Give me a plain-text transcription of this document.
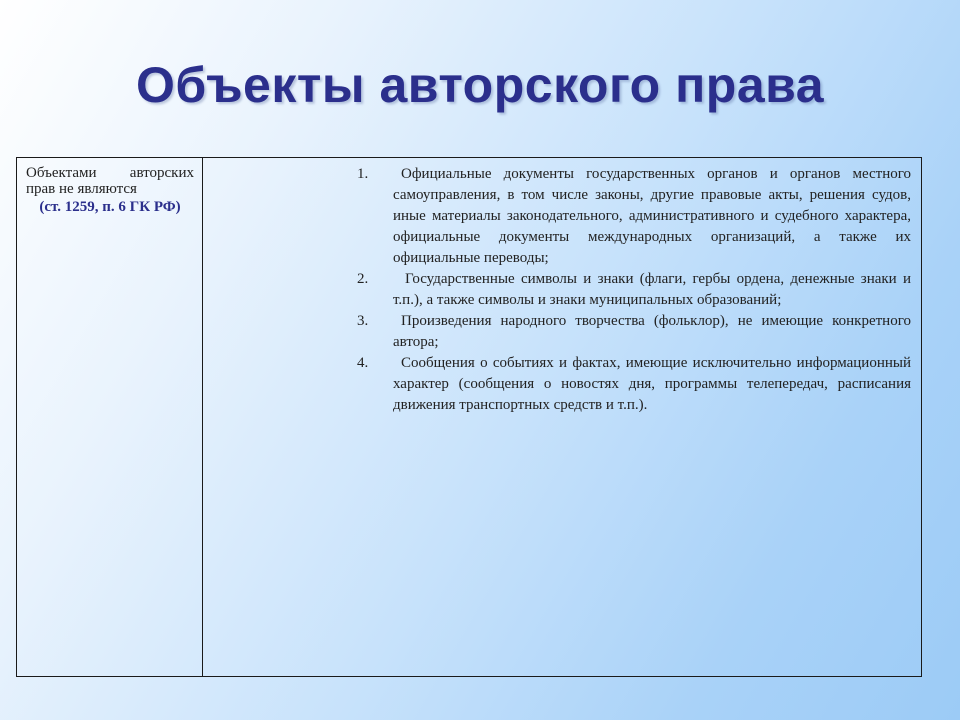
Объекты авторского права
Объектами авторских прав не являются
(ст. 1259, п. 6 ГК РФ)
1.	Официальные документы государственных органов и органов местного самоуправления, в том числе законы, другие правовые акты, решения судов, иные материалы законодательного, административного и судебного характера, официальные документы международных организаций, а также их официальные переводы;
2.	Государственные символы и знаки (флаги, гербы ордена, денежные знаки и т.п.), а также символы и знаки муниципальных образований;
3.	Произведения народного творчества (фольклор), не имеющие конкретного автора;
4.	Сообщения о событиях и фактах, имеющие исключительно информационный характер (сообщения о новостях дня, программы телепередач, расписания движения транспортных средств и т.п.).
